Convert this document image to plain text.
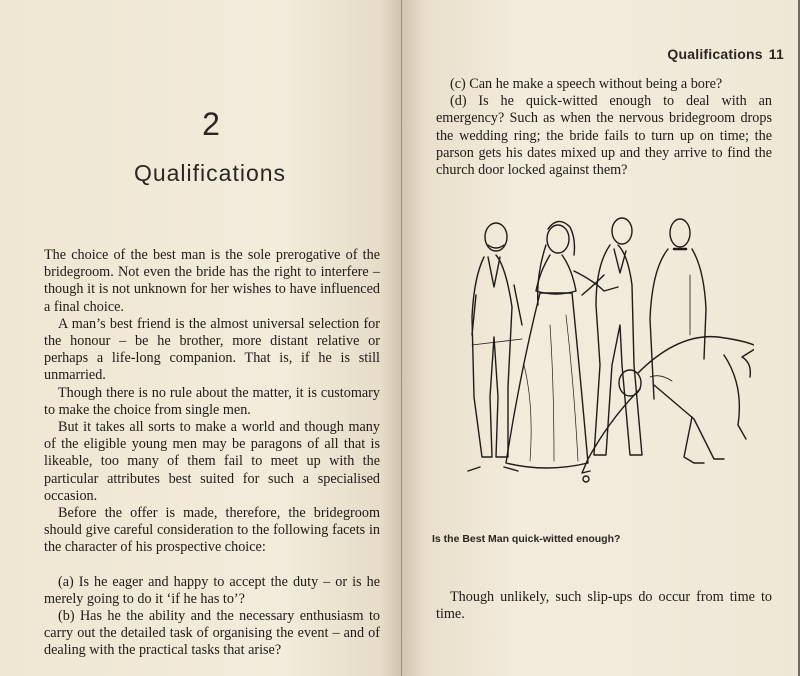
2
Qualifications

The choice of the best man is the sole prerogative of the bridegroom. Not even the bride has the right to interfere – though it is not unknown for her wishes to have influenced a final choice.

A man’s best friend is the almost universal selection for the honour – be he brother, more distant relative or perhaps a life-long companion. That is, if he is still unmarried.

Though there is no rule about the matter, it is customary to make the choice from single men.

But it takes all sorts to make a world and though many of the eligible young men may be paragons of all that is likeable, too many of them fail to meet up with the particular attributes best suited for such a specialised occasion.

Before the offer is made, therefore, the bridegroom should give careful consideration to the following facets in the character of his prospective choice:

(a) Is he eager and happy to accept the duty – or is he merely going to do it ‘if he has to’?

(b) Has he the ability and the necessary enthusiasm to carry out the detailed task of organising the event – and of dealing with the practical tasks that arise?

Qualifications 11

(c) Can he make a speech without being a bore?

(d) Is he quick-witted enough to deal with an emergency? Such as when the nervous bridegroom drops the wedding ring; the bride fails to turn up on time; the parson gets his dates mixed up and they arrive to find the church door locked against them?

Is the Best Man quick-witted enough?

Though unlikely, such slip-ups do occur from time to time.
